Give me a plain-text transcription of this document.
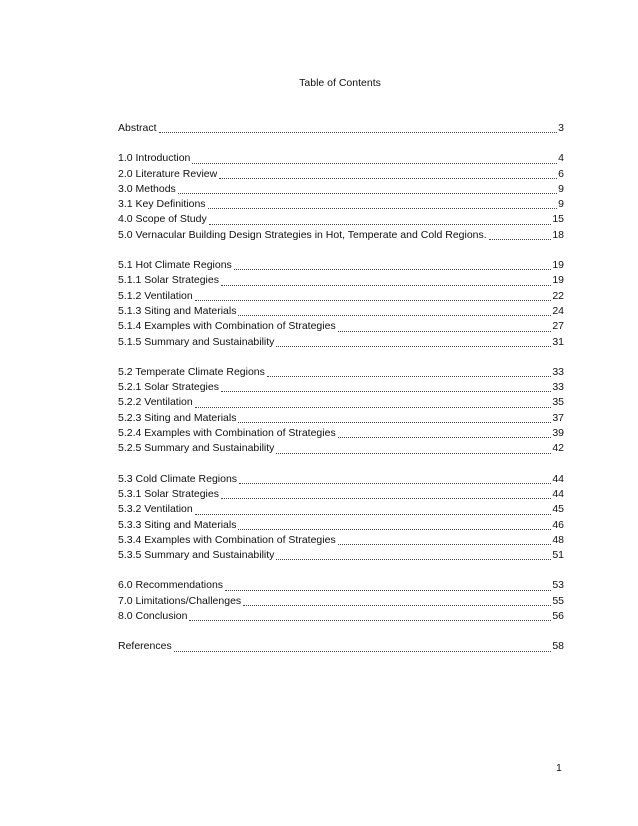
Table of Contents
Abstract	3
1.0 Introduction	4
2.0 Literature Review	6
3.0 Methods	9
3.1 Key Definitions	9
4.0 Scope of Study	15
5.0 Vernacular Building Design Strategies in Hot, Temperate and Cold Regions.	18
5.1 Hot Climate Regions	19
5.1.1 Solar Strategies	19
5.1.2 Ventilation	22
5.1.3 Siting and Materials	24
5.1.4 Examples with Combination of Strategies	27
5.1.5 Summary and Sustainability	31
5.2 Temperate Climate Regions	33
5.2.1 Solar Strategies	33
5.2.2 Ventilation	35
5.2.3 Siting and Materials	37
5.2.4 Examples with Combination of Strategies	39
5.2.5 Summary and Sustainability	42
5.3 Cold Climate Regions	44
5.3.1 Solar Strategies	44
5.3.2 Ventilation	45
5.3.3 Siting and Materials	46
5.3.4 Examples with Combination of Strategies	48
5.3.5 Summary and Sustainability	51
6.0 Recommendations	53
7.0 Limitations/Challenges	55
8.0 Conclusion	56
References	58
1
